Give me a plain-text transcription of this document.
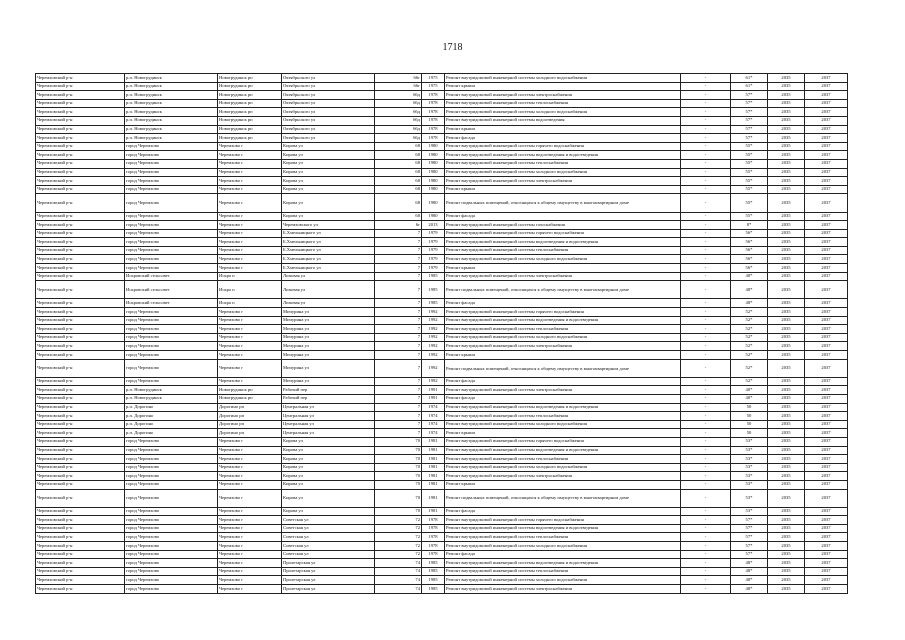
1718
Черемховский р-н	р.п. Новогрудинск	Новогрудинск рп	Октябрьского ул	66г	1975	Ремонт внутридомовой инженерной системы холодного водоснабжения	-	61*	2035	2037
Черемховский р-н	р.п. Новогрудинск	Новогрудинск рп	Октябрьского ул	66г	1975	Ремонт крыши	-	61*	2035	2037
Черемховский р-н	р.п. Новогрудинск	Новогрудинск рп	Октябрьского ул	66д	1978	Ремонт внутридомовой инженерной системы электроснабжения	-	57*	2035	2037
Черемховский р-н	р.п. Новогрудинск	Новогрудинск рп	Октябрьского ул	66д	1978	Ремонт внутридомовой инженерной системы теплоснабжения	-	57*	2035	2037
Черемховский р-н	р.п. Новогрудинск	Новогрудинск рп	Октябрьского ул	66д	1978	Ремонт внутридомовой инженерной системы холодного водоснабжения	-	57*	2035	2037
Черемховский р-н	р.п. Новогрудинск	Новогрудинск рп	Октябрьского ул	66д	1978	Ремонт внутридомовой инженерной системы водоотведения	-	57*	2035	2037
Черемховский р-н	р.п. Новогрудинск	Новогрудинск рп	Октябрьского ул	66д	1978	Ремонт крыши	-	57*	2035	2037
Черемховский р-н	р.п. Новогрудинск	Новогрудинск рп	Октябрьского ул	66д	1978	Ремонт фасада	-	57*	2035	2037
Черемховский р-н	город Черемхово	Черемхово г	Кирова ул	68	1980	Ремонт внутридомовой инженерной системы горячего водоснабжения	-	55*	2035	2037
Черемховский р-н	город Черемхово	Черемхово г	Кирова ул	68	1980	Ремонт внутридомовой инженерной системы водоотведения и водоотведения	-	55*	2035	2037
Черемховский р-н	город Черемхово	Черемхово г	Кирова ул	68	1980	Ремонт внутридомовой инженерной системы теплоснабжения	-	55*	2035	2037
Черемховский р-н	город Черемхово	Черемхово г	Кирова ул	68	1980	Ремонт внутридомовой инженерной системы холодного водоснабжения	-	55*	2035	2037
Черемховский р-н	город Черемхово	Черемхово г	Кирова ул	68	1980	Ремонт внутридомовой инженерной системы электроснабжения	-	55*	2035	2037
Черемховский р-н	город Черемхово	Черемхово г	Кирова ул	68	1980	Ремонт крыши	-	55*	2035	2037
Черемховский р-н	город Черемхово	Черемхово г	Кирова ул	68	1980	Ремонт подвальных помещений, относящихся к общему имуществу в многоквартирном доме	-	55*	2035	2037
Черемховский р-н	город Черемхово	Черемхово г	Кирова ул	68	1980	Ремонт фасада	-	55*	2035	2037
Черемховский р-н	город Черемхово	Черемхово г	Черемховского ул	6г	2013	Ремонт внутридомовой инженерной системы газоснабжения	-	8*	2035	2037
Черемховский р-н	город Черемхово	Черемхово г	Б.Хмельницкого ул	7	1979	Ремонт внутридомовой инженерной системы горячего водоснабжения	-	56*	2035	2037
Черемховский р-н	город Черемхово	Черемхово г	Б.Хмельницкого ул	7	1979	Ремонт внутридомовой инженерной системы водоотведения и водоотведения	-	56*	2035	2037
Черемховский р-н	город Черемхово	Черемхово г	Б.Хмельницкого ул	7	1979	Ремонт внутридомовой инженерной системы теплоснабжения	-	56*	2035	2037
Черемховский р-н	город Черемхово	Черемхово г	Б.Хмельницкого ул	7	1979	Ремонт внутридомовой инженерной системы холодного водоснабжения	-	56*	2035	2037
Черемховский р-н	город Черемхово	Черемхово г	Б.Хмельницкого ул	7	1979	Ремонт крыши	-	56*	2035	2037
Черемховский р-н	Искровский сельсовет	Искра п	Липовая ул	7	1985	Ремонт внутридомовой инженерной системы электроснабжения	-	48*	2035	2037
Черемховский р-н	Искровский сельсовет	Искра п	Липовая ул	7	1985	Ремонт подвальных помещений, относящихся к общему имуществу в многоквартирном доме	-	48*	2035	2037
Черемховский р-н	Искровский сельсовет	Искра п	Липовая ул	7	1985	Ремонт фасада	-	48*	2035	2037
Черемховский р-н	город Черемхово	Черемхово г	Мичурина ул	7	1992	Ремонт внутридомовой инженерной системы горячего водоснабжения	-	52*	2035	2037
Черемховский р-н	город Черемхово	Черемхово г	Мичурина ул	7	1992	Ремонт внутридомовой инженерной системы водоотведения и водоотведения	-	52*	2035	2037
Черемховский р-н	город Черемхово	Черемхово г	Мичурина ул	7	1992	Ремонт внутридомовой инженерной системы теплоснабжения	-	52*	2035	2037
Черемховский р-н	город Черемхово	Черемхово г	Мичурина ул	7	1992	Ремонт внутридомовой инженерной системы холодного водоснабжения	-	52*	2035	2037
Черемховский р-н	город Черемхово	Черемхово г	Мичурина ул	7	1992	Ремонт внутридомовой инженерной системы электроснабжения	-	52*	2035	2037
Черемховский р-н	город Черемхово	Черемхово г	Мичурина ул	7	1992	Ремонт крыши	-	52*	2035	2037
Черемховский р-н	город Черемхово	Черемхово г	Мичурина ул	7	1992	Ремонт подвальных помещений, относящихся к общему имуществу в многоквартирном доме	-	52*	2035	2037
Черемховский р-н	город Черемхово	Черемхово г	Мичурина ул	7	1992	Ремонт фасада	-	52*	2035	2037
Черемховский р-н	р.п. Новогрудинск	Новогрудинск рп	Рабочий пер	7	1991	Ремонт внутридомовой инженерной системы электроснабжения	-	40*	2035	2037
Черемховский р-н	р.п. Новогрудинск	Новогрудинск рп	Рабочий пер	7	1991	Ремонт фасада	-	40*	2035	2037
Черемховский р-н	р.п. Дорогино	Дорогино рп	Центральная ул	7	1974	Ремонт внутридомовой инженерной системы водоотведения и водоотведения	-	50	2035	2037
Черемховский р-н	р.п. Дорогино	Дорогино рп	Центральная ул	7	1974	Ремонт внутридомовой инженерной системы теплоснабжения	-	50	2035	2037
Черемховский р-н	р.п. Дорогино	Дорогино рп	Центральная ул	7	1974	Ремонт внутридомовой инженерной системы холодного водоснабжения	-	50	2035	2037
Черемховский р-н	р.п. Дорогино	Дорогино рп	Центральная ул	7	1974	Ремонт крыши	-	50	2035	2037
Черемховский р-н	город Черемхово	Черемхово г	Кирова ул	70	1981	Ремонт внутридомовой инженерной системы горячего водоснабжения	-	53*	2035	2037
Черемховский р-н	город Черемхово	Черемхово г	Кирова ул	70	1981	Ремонт внутридомовой инженерной системы водоотведения и водоотведения	-	53*	2035	2037
Черемховский р-н	город Черемхово	Черемхово г	Кирова ул	70	1981	Ремонт внутридомовой инженерной системы теплоснабжения	-	53*	2035	2037
Черемховский р-н	город Черемхово	Черемхово г	Кирова ул	70	1981	Ремонт внутридомовой инженерной системы холодного водоснабжения	-	53*	2035	2037
Черемховский р-н	город Черемхово	Черемхово г	Кирова ул	70	1981	Ремонт внутридомовой инженерной системы электроснабжения	-	53*	2035	2037
Черемховский р-н	город Черемхово	Черемхово г	Кирова ул	70	1981	Ремонт крыши	-	53*	2035	2037
Черемховский р-н	город Черемхово	Черемхово г	Кирова ул	70	1981	Ремонт подвальных помещений, относящихся к общему имуществу в многоквартирном доме	-	53*	2035	2037
Черемховский р-н	город Черемхово	Черемхово г	Кирова ул	70	1981	Ремонт фасада	-	53*	2035	2037
Черемховский р-н	город Черемхово	Черемхово г	Советская ул	72	1978	Ремонт внутридомовой инженерной системы горячего водоснабжения	-	57*	2035	2037
Черемховский р-н	город Черемхово	Черемхово г	Советская ул	72	1978	Ремонт внутридомовой инженерной системы водоотведения и водоотведения	-	57*	2035	2037
Черемховский р-н	город Черемхово	Черемхово г	Советская ул	72	1978	Ремонт внутридомовой инженерной системы теплоснабжения	-	57*	2035	2037
Черемховский р-н	город Черемхово	Черемхово г	Советская ул	72	1978	Ремонт внутридомовой инженерной системы холодного водоснабжения	-	57*	2035	2037
Черемховский р-н	город Черемхово	Черемхово г	Советская ул	72	1978	Ремонт фасада	-	57*	2035	2037
Черемховский р-н	город Черемхово	Черемхово г	Пролетарская ул	74	1985	Ремонт внутридомовой инженерной системы водоотведения и водоотведения	-	48*	2035	2037
Черемховский р-н	город Черемхово	Черемхово г	Пролетарская ул	74	1985	Ремонт внутридомовой инженерной системы теплоснабжения	-	48*	2035	2037
Черемховский р-н	город Черемхово	Черемхово г	Пролетарская ул	74	1985	Ремонт внутридомовой инженерной системы холодного водоснабжения	-	48*	2035	2037
Черемховский р-н	город Черемхово	Черемхово г	Пролетарская ул	74	1985	Ремонт внутридомовой инженерной системы электроснабжения	-	48*	2035	2037
